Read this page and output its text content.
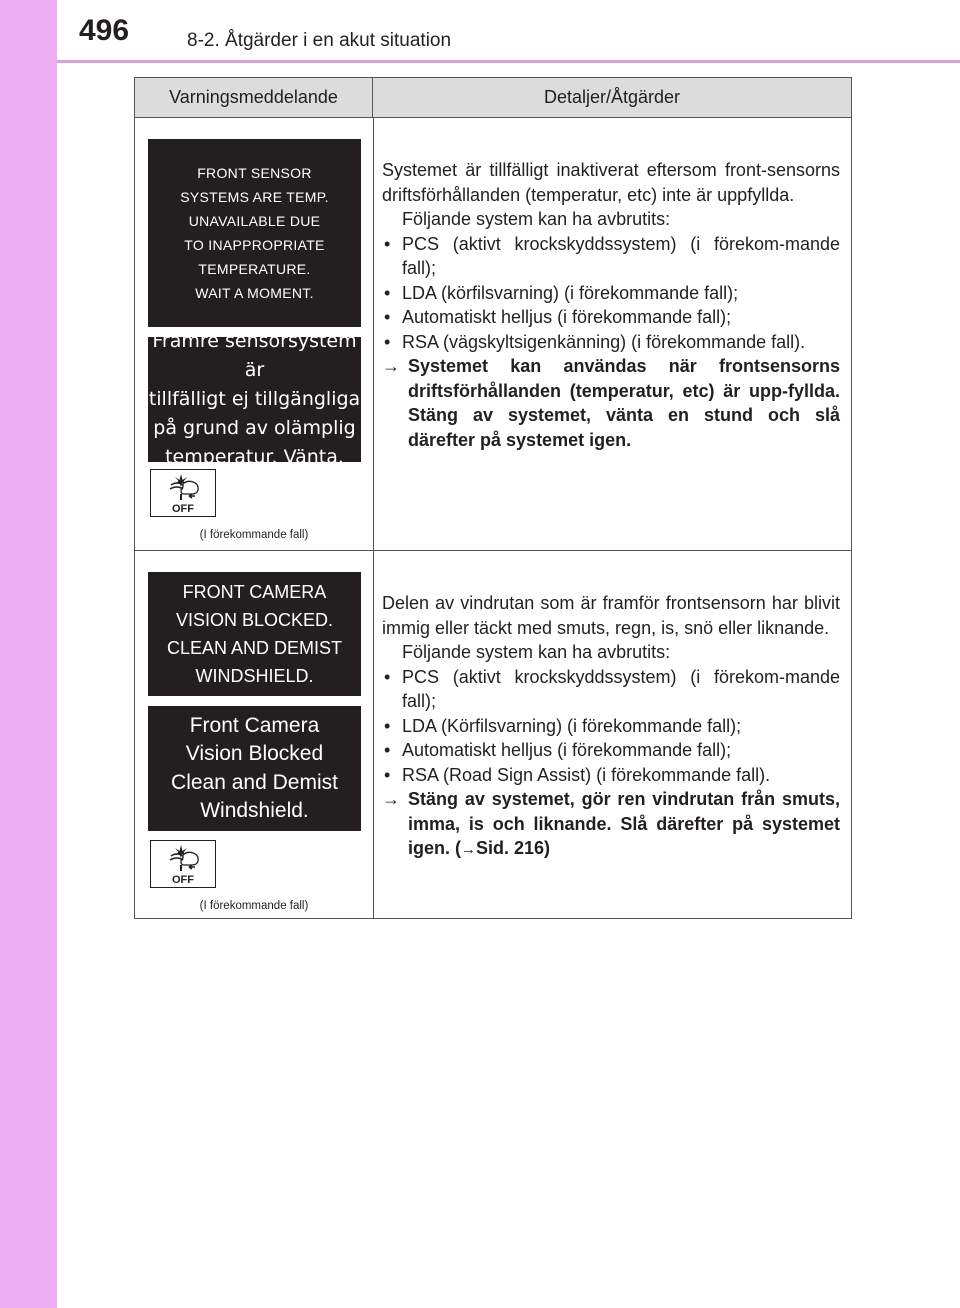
496	8-2. Åtgärder i en akut situation
Varningsmeddelande	Detaljer/Åtgärder
FRONT SENSOR
SYSTEMS ARE TEMP.
UNAVAILABLE DUE
TO INAPPROPRIATE
TEMPERATURE.
WAIT A MOMENT.
Främre sensorsystem är
tillfälligt ej tillgängliga
på grund av olämplig
temperatur. Vänta.
OFF
(I förekommande fall)
Systemet är tillfälligt inaktiverat eftersom front-sensorns driftsförhållanden (temperatur, etc) inte är uppfyllda.
Följande system kan ha avbrutits:
• PCS (aktivt krockskyddssystem) (i förekom-mande fall);
• LDA (körfilsvarning) (i förekommande fall);
• Automatiskt helljus (i förekommande fall);
• RSA (vägskyltsigenkänning) (i förekommande fall).
→ Systemet kan användas när frontsensorns driftsförhållanden (temperatur, etc) är upp-fyllda. Stäng av systemet, vänta en stund och slå därefter på systemet igen.
FRONT CAMERA
VISION BLOCKED.
CLEAN AND DEMIST
WINDSHIELD.
Front Camera
Vision Blocked
Clean and Demist
Windshield.
OFF
(I förekommande fall)
Delen av vindrutan som är framför frontsensorn har blivit immig eller täckt med smuts, regn, is, snö eller liknande.
Följande system kan ha avbrutits:
• PCS (aktivt krockskyddssystem) (i förekom-mande fall);
• LDA (Körfilsvarning) (i förekommande fall);
• Automatiskt helljus (i förekommande fall);
• RSA (Road Sign Assist) (i förekommande fall).
→ Stäng av systemet, gör ren vindrutan från smuts, imma, is och liknande. Slå därefter på systemet igen. (→Sid. 216)
